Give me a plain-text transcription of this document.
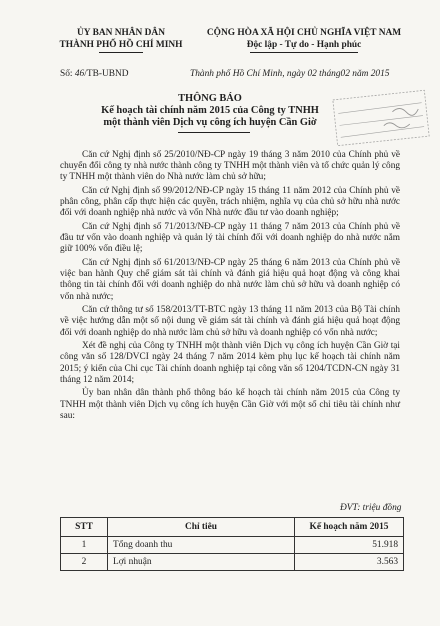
ỦY BAN NHÂN DÂN
THÀNH PHỐ HỒ CHÍ MINH
CỘNG HÒA XÃ HỘI CHỦ NGHĨA VIỆT NAM
Độc lập - Tự do - Hạnh phúc
Số: 46/TB-UBND	Thành phố Hồ Chí Minh, ngày 02 tháng02 năm 2015
THÔNG BÁO
Kế hoạch tài chính năm 2015 của Công ty TNHH
một thành viên Dịch vụ công ích huyện Cần Giờ

Căn cứ Nghị định số 25/2010/NĐ-CP ngày 19 tháng 3 năm 2010 của Chính phủ về chuyển đổi công ty nhà nước thành công ty TNHH một thành viên và tổ chức quản lý công ty TNHH một thành viên do Nhà nước làm chủ sở hữu;

Căn cứ Nghị định số 99/2012/NĐ-CP ngày 15 tháng 11 năm 2012 của Chính phủ về phân công, phân cấp thực hiện các quyền, trách nhiệm, nghĩa vụ của chủ sở hữu nhà nước đối với doanh nghiệp nhà nước và vốn Nhà nước đầu tư vào doanh nghiệp;

Căn cứ Nghị định số 71/2013/NĐ-CP ngày 11 tháng 7 năm 2013 của Chính phủ về đầu tư vốn vào doanh nghiệp và quản lý tài chính đối với doanh nghiệp do nhà nước nắm giữ 100% vốn điều lệ;

Căn cứ Nghị định số 61/2013/NĐ-CP ngày 25 tháng 6 năm 2013 của Chính phủ về việc ban hành Quy chế giám sát tài chính và đánh giá hiệu quả hoạt động và công khai thông tin tài chính đối với doanh nghiệp do nhà nước làm chủ sở hữu và doanh nghiệp có vốn nhà nước;

Căn cứ thông tư số 158/2013/TT-BTC ngày 13 tháng 11 năm 2013 của Bộ Tài chính về việc hướng dẫn một số nội dung về giám sát tài chính và đánh giá hiệu quả hoạt động đối với doanh nghiệp do nhà nước làm chủ sở hữu và doanh nghiệp có vốn nhà nước;

Xét đề nghị của Công ty TNHH một thành viên Dịch vụ công ích huyện Cần Giờ tại công văn số 128/DVCI ngày 24 tháng 7 năm 2014 kèm phụ lục kế hoạch tài chính năm 2015; ý kiến của Chi cục Tài chính doanh nghiệp tại công văn số 1204/TCDN-CN ngày 31 tháng 12 năm 2014;

Ủy ban nhân dân thành phố thông báo kế hoạch tài chính năm 2015 của Công ty TNHH một thành viên Dịch vụ công ích huyện Cần Giờ với một số chỉ tiêu tài chính như sau:

ĐVT: triệu đồng
STT	Chỉ tiêu	Kế hoạch năm 2015
1	Tổng doanh thu	51.918
2	Lợi nhuận	3.563
